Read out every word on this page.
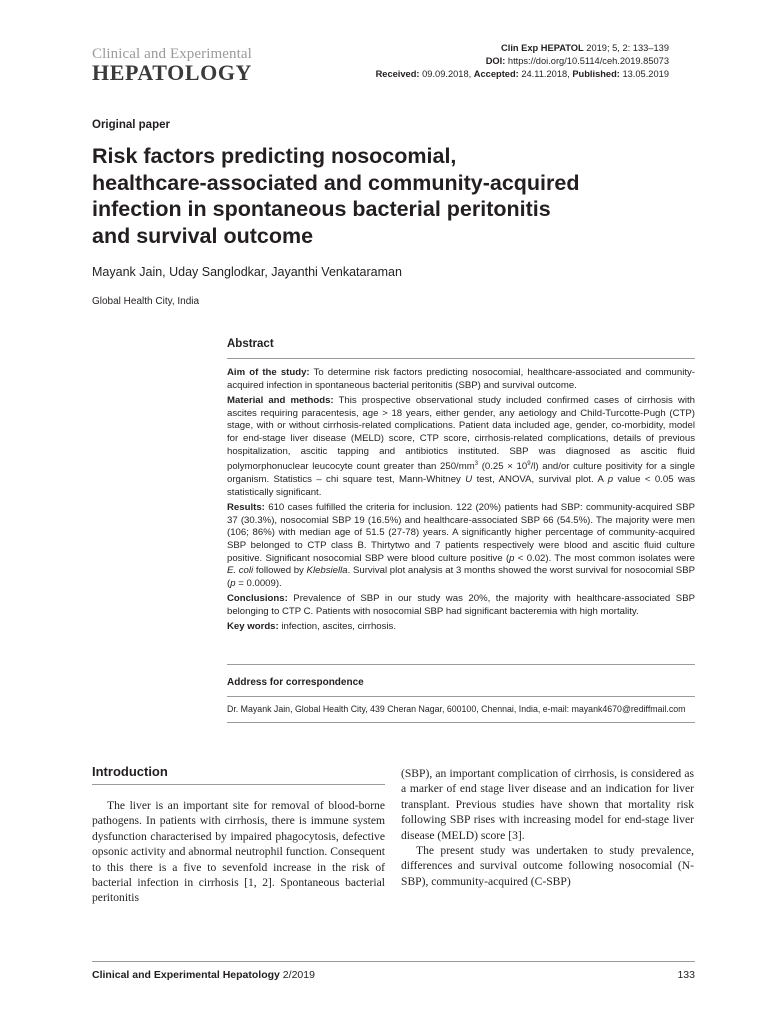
Clinical and Experimental
HEPATOLOGY
Clin Exp HEPATOL 2019; 5, 2: 133–139
DOI: https://doi.org/10.5114/ceh.2019.85073
Received: 09.09.2018, Accepted: 24.11.2018, Published: 13.05.2019
Original paper
Risk factors predicting nosocomial,
healthcare-associated and community-acquired
infection in spontaneous bacterial peritonitis
and survival outcome
Mayank Jain, Uday Sanglodkar, Jayanthi Venkataraman
Global Health City, India
Abstract

Aim of the study: To determine risk factors predicting nosocomial, healthcare-associated and community-acquired infection in spontaneous bacterial peritonitis (SBP) and survival outcome.

Material and methods: This prospective observational study included confirmed cases of cirrhosis with ascites requiring paracentesis, age > 18 years, either gender, any aetiology and Child-Turcotte-Pugh (CTP) stage, with or without cirrhosis-related complications. Patient data included age, gender, co-morbidity, model for end-stage liver disease (MELD) score, CTP score, cirrhosis-related complications, details of previous hospitalization, ascitic tapping and antibiotics instituted. SBP was diagnosed as ascitic fluid polymorphonuclear leucocyte count greater than $250/mm^3$ $(0.25 \times 10^9/l)$ and/or culture positivity for a single organism. Statistics – chi square test, Mann-Whitney U test, ANOVA, survival plot. A p value < 0.05 was statistically significant.

Results: 610 cases fulfilled the criteria for inclusion. 122 (20%) patients had SBP: community-acquired SBP 37 (30.3%), nosocomial SBP 19 (16.5%) and healthcare-associated SBP 66 (54.5%). The majority were men (106; 86%) with median age of 51.5 (27-78) years. A significantly higher percentage of community-acquired SBP belonged to CTP class B. Thirtytwo and 7 patients respectively were blood and ascitic fluid culture positive. Significant nosocomial SBP were blood culture positive (p < 0.02). The most common isolates were E. coli followed by Klebsiella. Survival plot analysis at 3 months showed the worst survival for nosocomial SBP (p = 0.0009).

Conclusions: Prevalence of SBP in our study was 20%, the majority with healthcare-associated SBP belonging to CTP C. Patients with nosocomial SBP had significant bacteremia with high mortality.

Key words: infection, ascites, cirrhosis.

Address for correspondence
Dr. Mayank Jain, Global Health City, 439 Cheran Nagar, 600100, Chennai, India, e-mail: mayank4670@rediffmail.com
Introduction

The liver is an important site for removal of blood-borne pathogens. In patients with cirrhosis, there is immune system dysfunction characterised by impaired phagocytosis, defective opsonic activity and abnormal neutrophil function. Consequent to this there is a five to sevenfold increase in the risk of bacterial infection in cirrhosis [1, 2]. Spontaneous bacterial peritonitis

(SBP), an important complication of cirrhosis, is considered as a marker of end stage liver disease and an indication for liver transplant. Previous studies have shown that mortality risk following SBP rises with increasing model for end-stage liver disease (MELD) score [3].

The present study was undertaken to study prevalence, differences and survival outcome following nosocomial (N-SBP), community-acquired (C-SBP)

Clinical and Experimental Hepatology 2/2019	133
